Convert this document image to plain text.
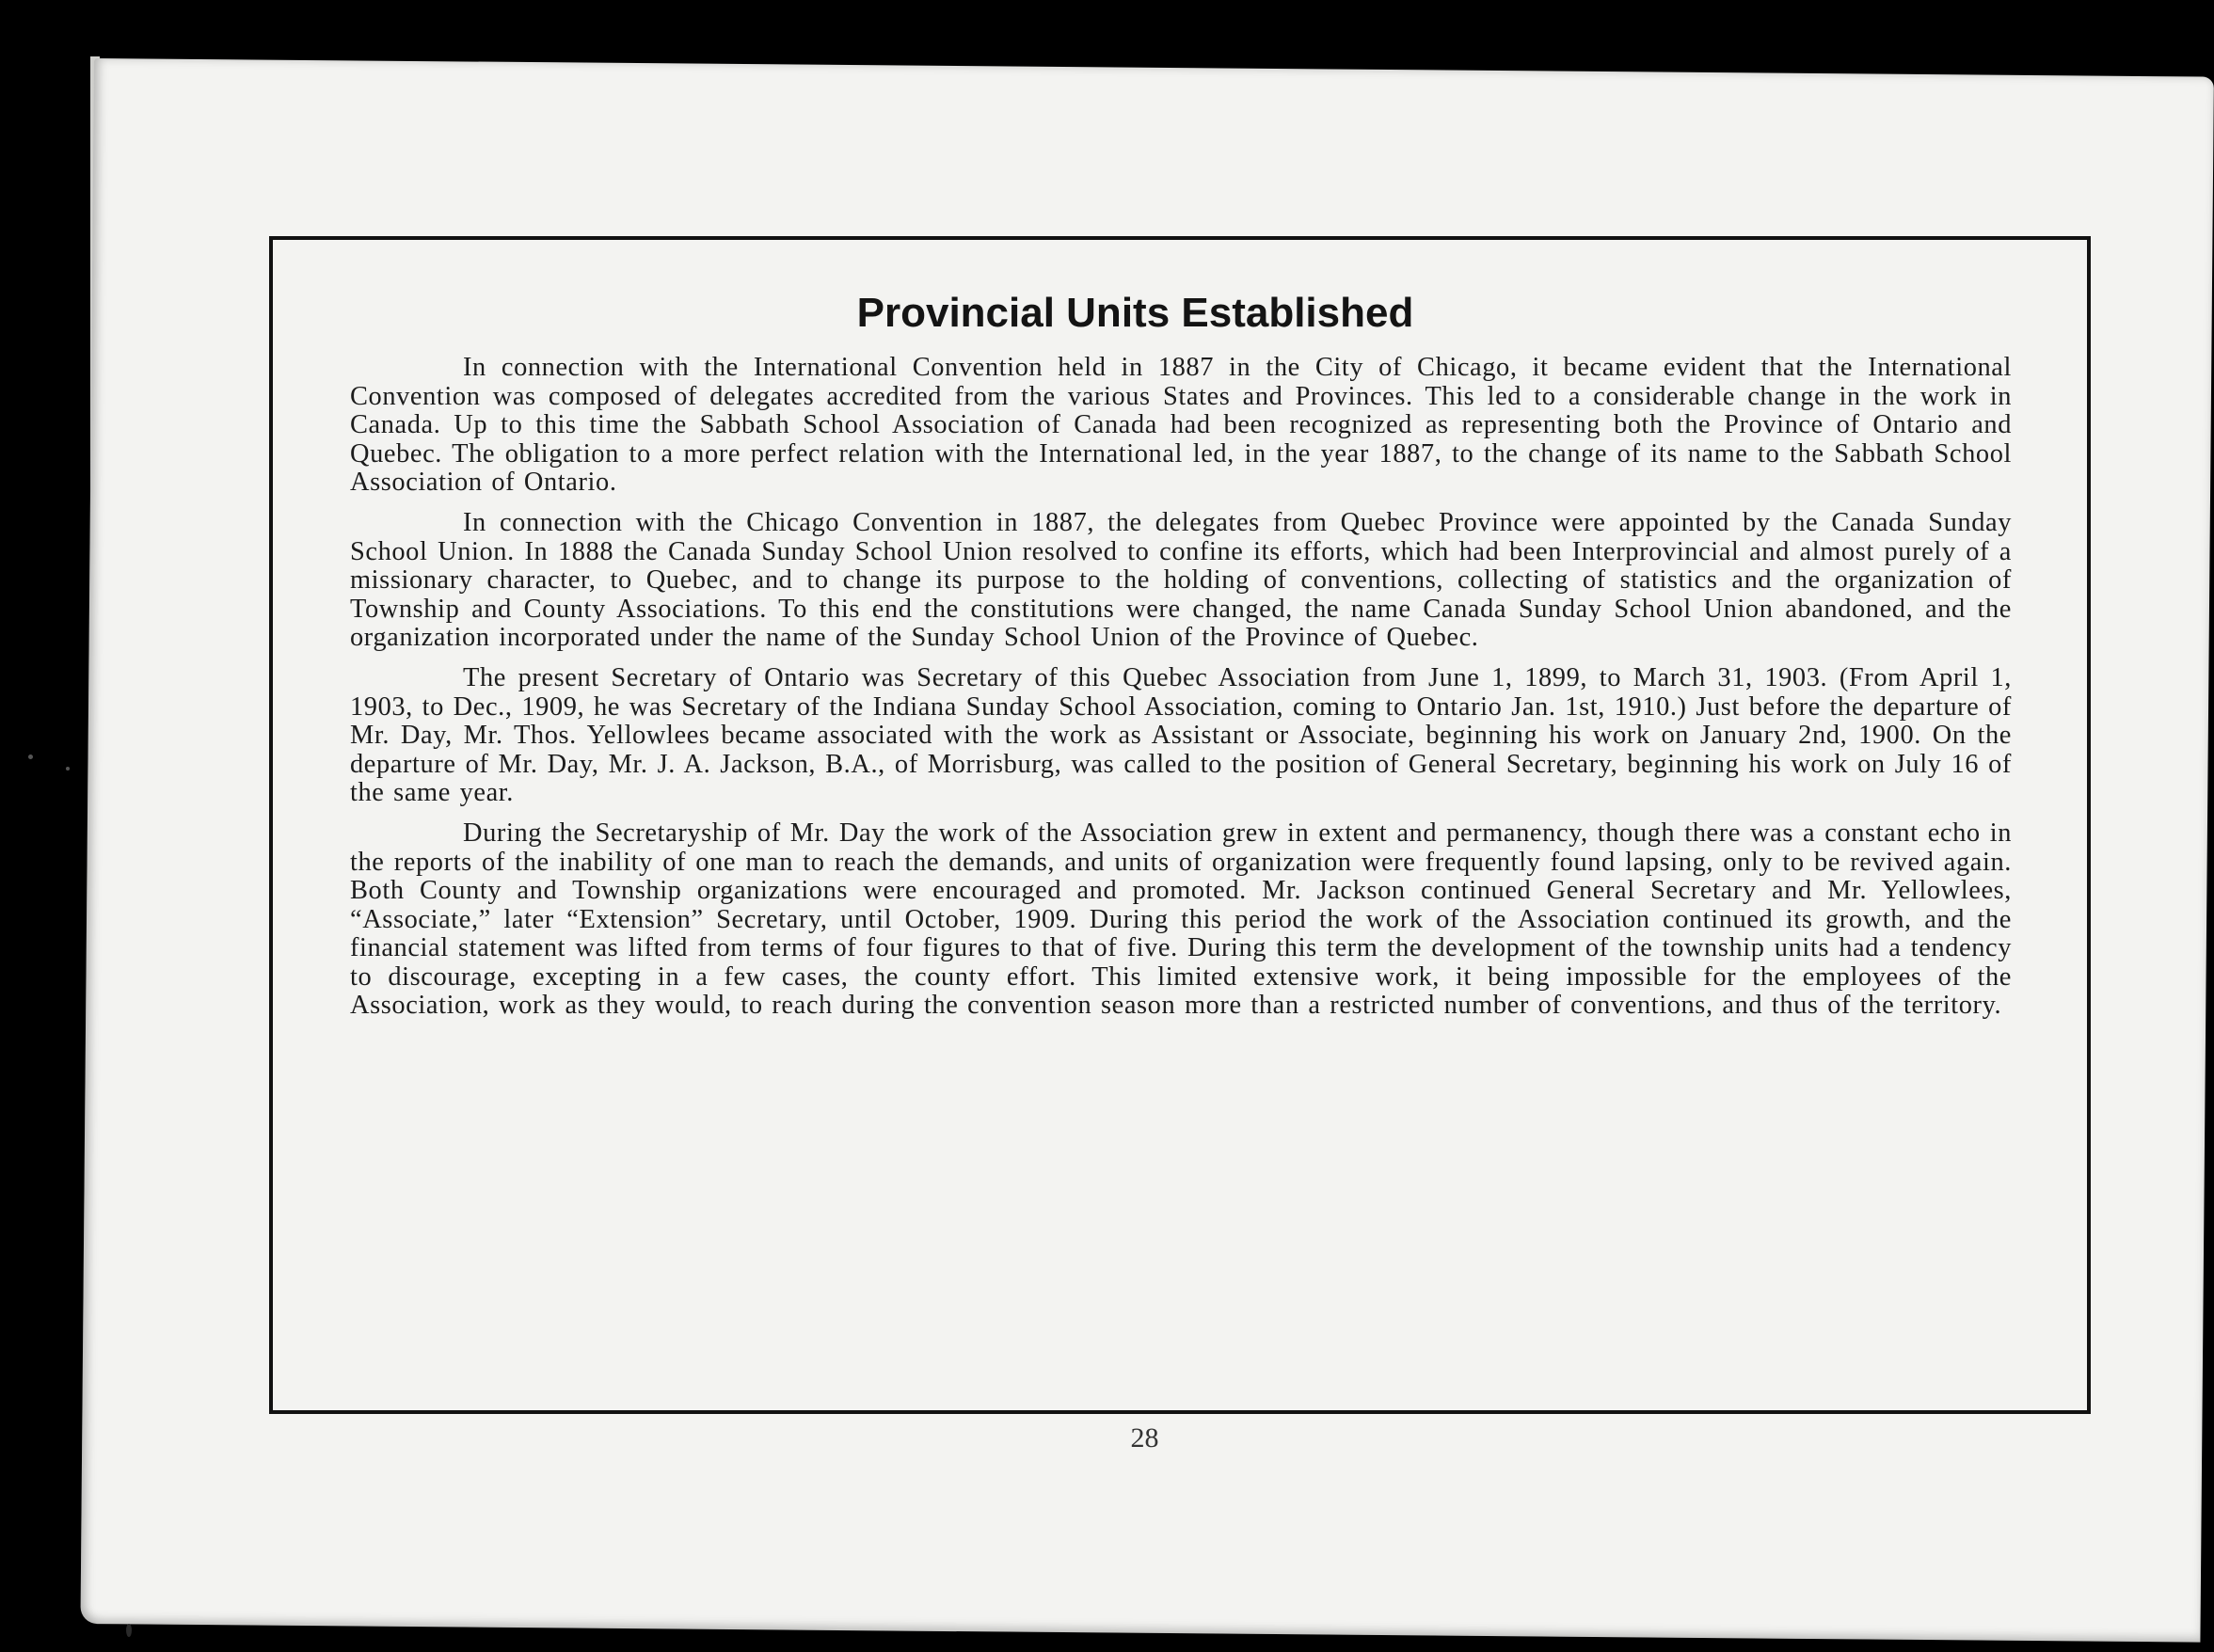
Provincial Units Established

In connection with the International Convention held in 1887 in the City of Chicago, it became evident that the International Convention was composed of delegates accredited from the various States and Provinces. This led to a considerable change in the work in Canada. Up to this time the Sabbath School Association of Canada had been recognized as representing both the Province of Ontario and Quebec. The obligation to a more perfect relation with the International led, in the year 1887, to the change of its name to the Sabbath School Association of Ontario.

In connection with the Chicago Convention in 1887, the delegates from Quebec Province were appointed by the Canada Sunday School Union. In 1888 the Canada Sunday School Union resolved to confine its efforts, which had been Interprovincial and almost purely of a missionary character, to Quebec, and to change its purpose to the holding of conventions, collecting of statistics and the organization of Township and County Associations. To this end the constitutions were changed, the name Canada Sunday School Union abandoned, and the organization incorporated under the name of the Sunday School Union of the Province of Quebec.

The present Secretary of Ontario was Secretary of this Quebec Association from June 1, 1899, to March 31, 1903. (From April 1, 1903, to Dec., 1909, he was Secretary of the Indiana Sunday School Association, coming to Ontario Jan. 1st, 1910.) Just before the departure of Mr. Day, Mr. Thos. Yellowlees became associated with the work as Assistant or Associate, beginning his work on January 2nd, 1900. On the departure of Mr. Day, Mr. J. A. Jackson, B.A., of Morrisburg, was called to the position of General Secretary, beginning his work on July 16 of the same year.

During the Secretaryship of Mr. Day the work of the Association grew in extent and permanency, though there was a constant echo in the reports of the inability of one man to reach the demands, and units of organization were frequently found lapsing, only to be revived again. Both County and Township organizations were encouraged and promoted. Mr. Jackson continued General Secretary and Mr. Yellowlees, “Associate,” later “Extension” Secretary, until October, 1909. During this period the work of the Association continued its growth, and the financial statement was lifted from terms of four figures to that of five. During this term the development of the township units had a tendency to discourage, excepting in a few cases, the county effort. This limited extensive work, it being impossible for the employees of the Association, work as they would, to reach during the convention season more than a restricted number of conventions, and thus of the territory.

28
